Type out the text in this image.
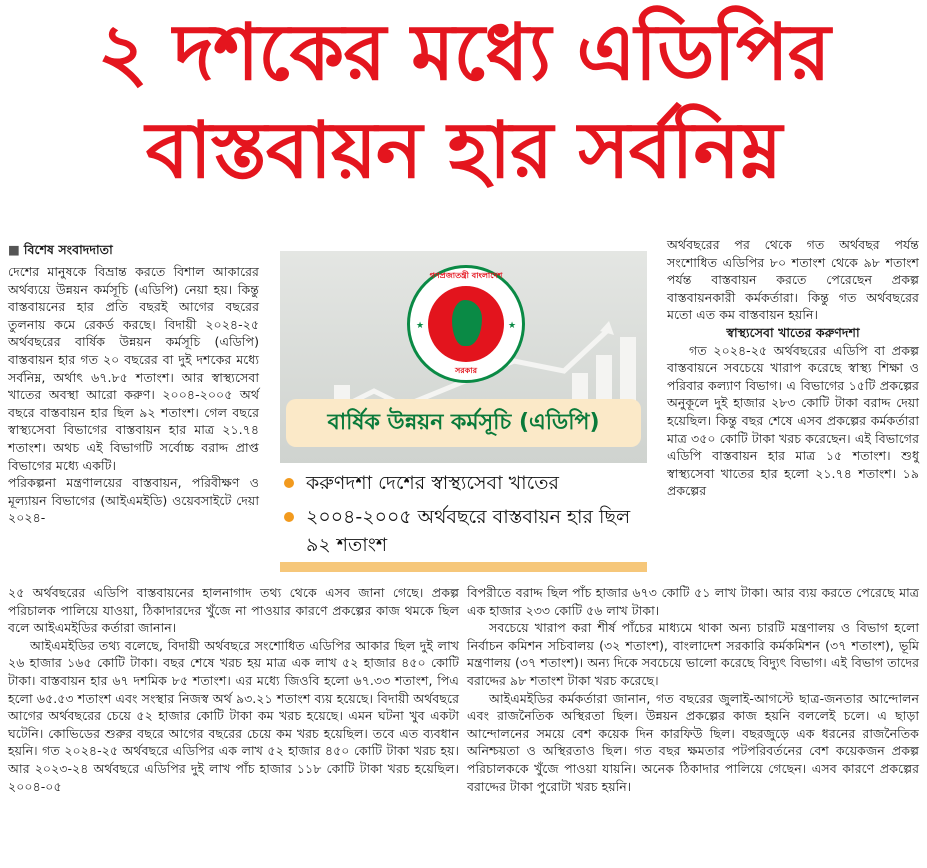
২ দশকের মধ্যে এডিপির
বাস্তবায়ন হার সর্বনিম্ন
■ বিশেষ সংবাদদাতা

দেশের মানুষকে বিভ্রান্ত করতে বিশাল আকারের অর্থব্যয়ে উন্নয়ন কর্মসূচি (এডিপি) নেয়া হয়। কিন্তু বাস্তবায়নের হার প্রতি বছরই আগের বছরের তুলনায় কমে রেকর্ড করছে। বিদায়ী ২০২৪-২৫ অর্থবছরের বার্ষিক উন্নয়ন কর্মসূচি (এডিপি) বাস্তবায়ন হার গত ২০ বছরের বা দুই দশকের মধ্যে সর্বনিম্ন, অর্থাৎ ৬৭.৮৫ শতাংশ। আর স্বাস্থ্যসেবা খাতের অবস্থা আরো করুণ। ২০০৪-২০০৫ অর্থ বছরে বাস্তবায়ন হার ছিল ৯২ শতাংশ। গেল বছরে স্বাস্থ্যসেবা বিভাগের বাস্তবায়ন হার মাত্র ২১.৭৪ শতাংশ। অথচ এই বিভাগটি সর্বোচ্চ বরাদ্দ প্রাপ্ত বিভাগের মধ্যে একটি।

পরিকল্পনা মন্ত্রণালয়ের বাস্তবায়ন, পরিবীক্ষণ ও মূল্যায়ন বিভাগের (আইএমইডি) ওয়েবসাইটে দেয়া ২০২৪-

গণপ্রজাতন্ত্রী বাংলাদেশ
★	★
সরকার
বার্ষিক উন্নয়ন কর্মসূচি (এডিপি)
করুণদশা দেশের স্বাস্থ্যসেবা খাতের
২০০৪-২০০৫ অর্থবছরে বাস্তবায়ন হার ছিল ৯২ শতাংশ

অর্থবছরের পর থেকে গত অর্থবছর পর্যন্ত সংশোধিত এডিপির ৮০ শতাংশ থেকে ৯৮ শতাংশ পর্যন্ত বাস্তবায়ন করতে পেরেছেন প্রকল্প বাস্তবায়নকারী কর্মকর্তারা। কিন্তু গত অর্থবছরের মতো এত কম বাস্তবায়ন হয়নি।

স্বাস্থ্যসেবা খাতের করুণদশা

গত ২০২৪-২৫ অর্থবছরের এডিপি বা প্রকল্প বাস্তবায়নে সবচেয়ে খারাপ করেছে স্বাস্থ্য শিক্ষা ও পরিবার কল্যাণ বিভাগ। এ বিভাগের ১৫টি প্রকল্পের অনুকূলে দুই হাজার ২৮৩ কোটি টাকা বরাদ্দ দেয়া হয়েছিল। কিন্তু বছর শেষে এসব প্রকল্পের কর্মকর্তারা মাত্র ৩৫০ কোটি টাকা খরচ করেছেন। এই বিভাগের এডিপি বাস্তবায়ন হার মাত্র ১৫ শতাংশ। শুধু স্বাস্থ্যসেবা খাতের হার হলো ২১.৭৪ শতাংশ। ১৯ প্রকল্পের

২৫ অর্থবছরের এডিপি বাস্তবায়নের হালনাগাদ তথ্য থেকে এসব জানা গেছে। প্রকল্প পরিচালক পালিয়ে যাওয়া, ঠিকাদারদের খুঁজে না পাওয়ার কারণে প্রকল্পের কাজ থমকে ছিল বলে আইএমইডির কর্তারা জানান।

আইএমইডির তথ্য বলেছে, বিদায়ী অর্থবছরে সংশোধিত এডিপির আকার ছিল দুই লাখ ২৬ হাজার ১৬৫ কোটি টাকা। বছর শেষে খরচ হয় মাত্র এক লাখ ৫২ হাজার ৪৫০ কোটি টাকা। বাস্তবায়ন হার ৬৭ দশমিক ৮৫ শতাংশ। এর মধ্যে জিওবি হলো ৬৭.৩৩ শতাংশ, পিএ হলো ৬৫.৫৩ শতাংশ এবং সংস্থার নিজস্ব অর্থ ৯৩.২১ শতাংশ ব্যয় হয়েছে। বিদায়ী অর্থবছরে আগের অর্থবছরের চেয়ে ৫২ হাজার কোটি টাকা কম খরচ হয়েছে। এমন ঘটনা খুব একটা ঘটেনি। কোভিডের শুরুর বছরে আগের বছরের চেয়ে কম খরচ হয়েছিল। তবে এত ব্যবধান হয়নি। গত ২০২৪-২৫ অর্থবছরে এডিপির এক লাখ ৫২ হাজার ৪৫০ কোটি টাকা খরচ হয়। আর ২০২৩-২৪ অর্থবছরে এডিপির দুই লাখ পাঁচ হাজার ১১৮ কোটি টাকা খরচ হয়েছিল। ২০০৪-০৫

বিপরীতে বরাদ্দ ছিল পাঁচ হাজার ৬৭৩ কোটি ৫১ লাখ টাকা। আর ব্যয় করতে পেরেছে মাত্র এক হাজার ২৩৩ কোটি ৫৬ লাখ টাকা।

সবচেয়ে খারাপ করা শীর্ষ পাঁচের মাধ্যমে থাকা অন্য চারটি মন্ত্রণালয় ও বিভাগ হলো নির্বাচন কমিশন সচিবালয় (৩২ শতাংশ), বাংলাদেশ সরকারি কর্মকমিশন (৩৭ শতাংশ), ভূমি মন্ত্রণালয় (৩৭ শতাংশ)। অন্য দিকে সবচেয়ে ভালো করেছে বিদ্যুৎ বিভাগ। এই বিভাগ তাদের বরাদ্দের ৯৮ শতাংশ টাকা খরচ করেছে।

আইএমইডির কর্মকর্তারা জানান, গত বছরের জুলাই-আগস্টে ছাত্র-জনতার আন্দোলন এবং রাজনৈতিক অস্থিরতা ছিল। উন্নয়ন প্রকল্পের কাজ হয়নি বললেই চলে। এ ছাড়া আন্দোলনের সময়ে বেশ কয়েক দিন কারফিউ ছিল। বছরজুড়ে এক ধরনের রাজনৈতিক অনিশ্চয়তা ও অস্থিরতাও ছিল। গত বছর ক্ষমতার পটপরিবর্তনের বেশ কয়েকজন প্রকল্প পরিচালককে খুঁজে পাওয়া যায়নি। অনেক ঠিকাদার পালিয়ে গেছেন। এসব কারণে প্রকল্পের বরাদ্দের টাকা পুরোটা খরচ হয়নি।
